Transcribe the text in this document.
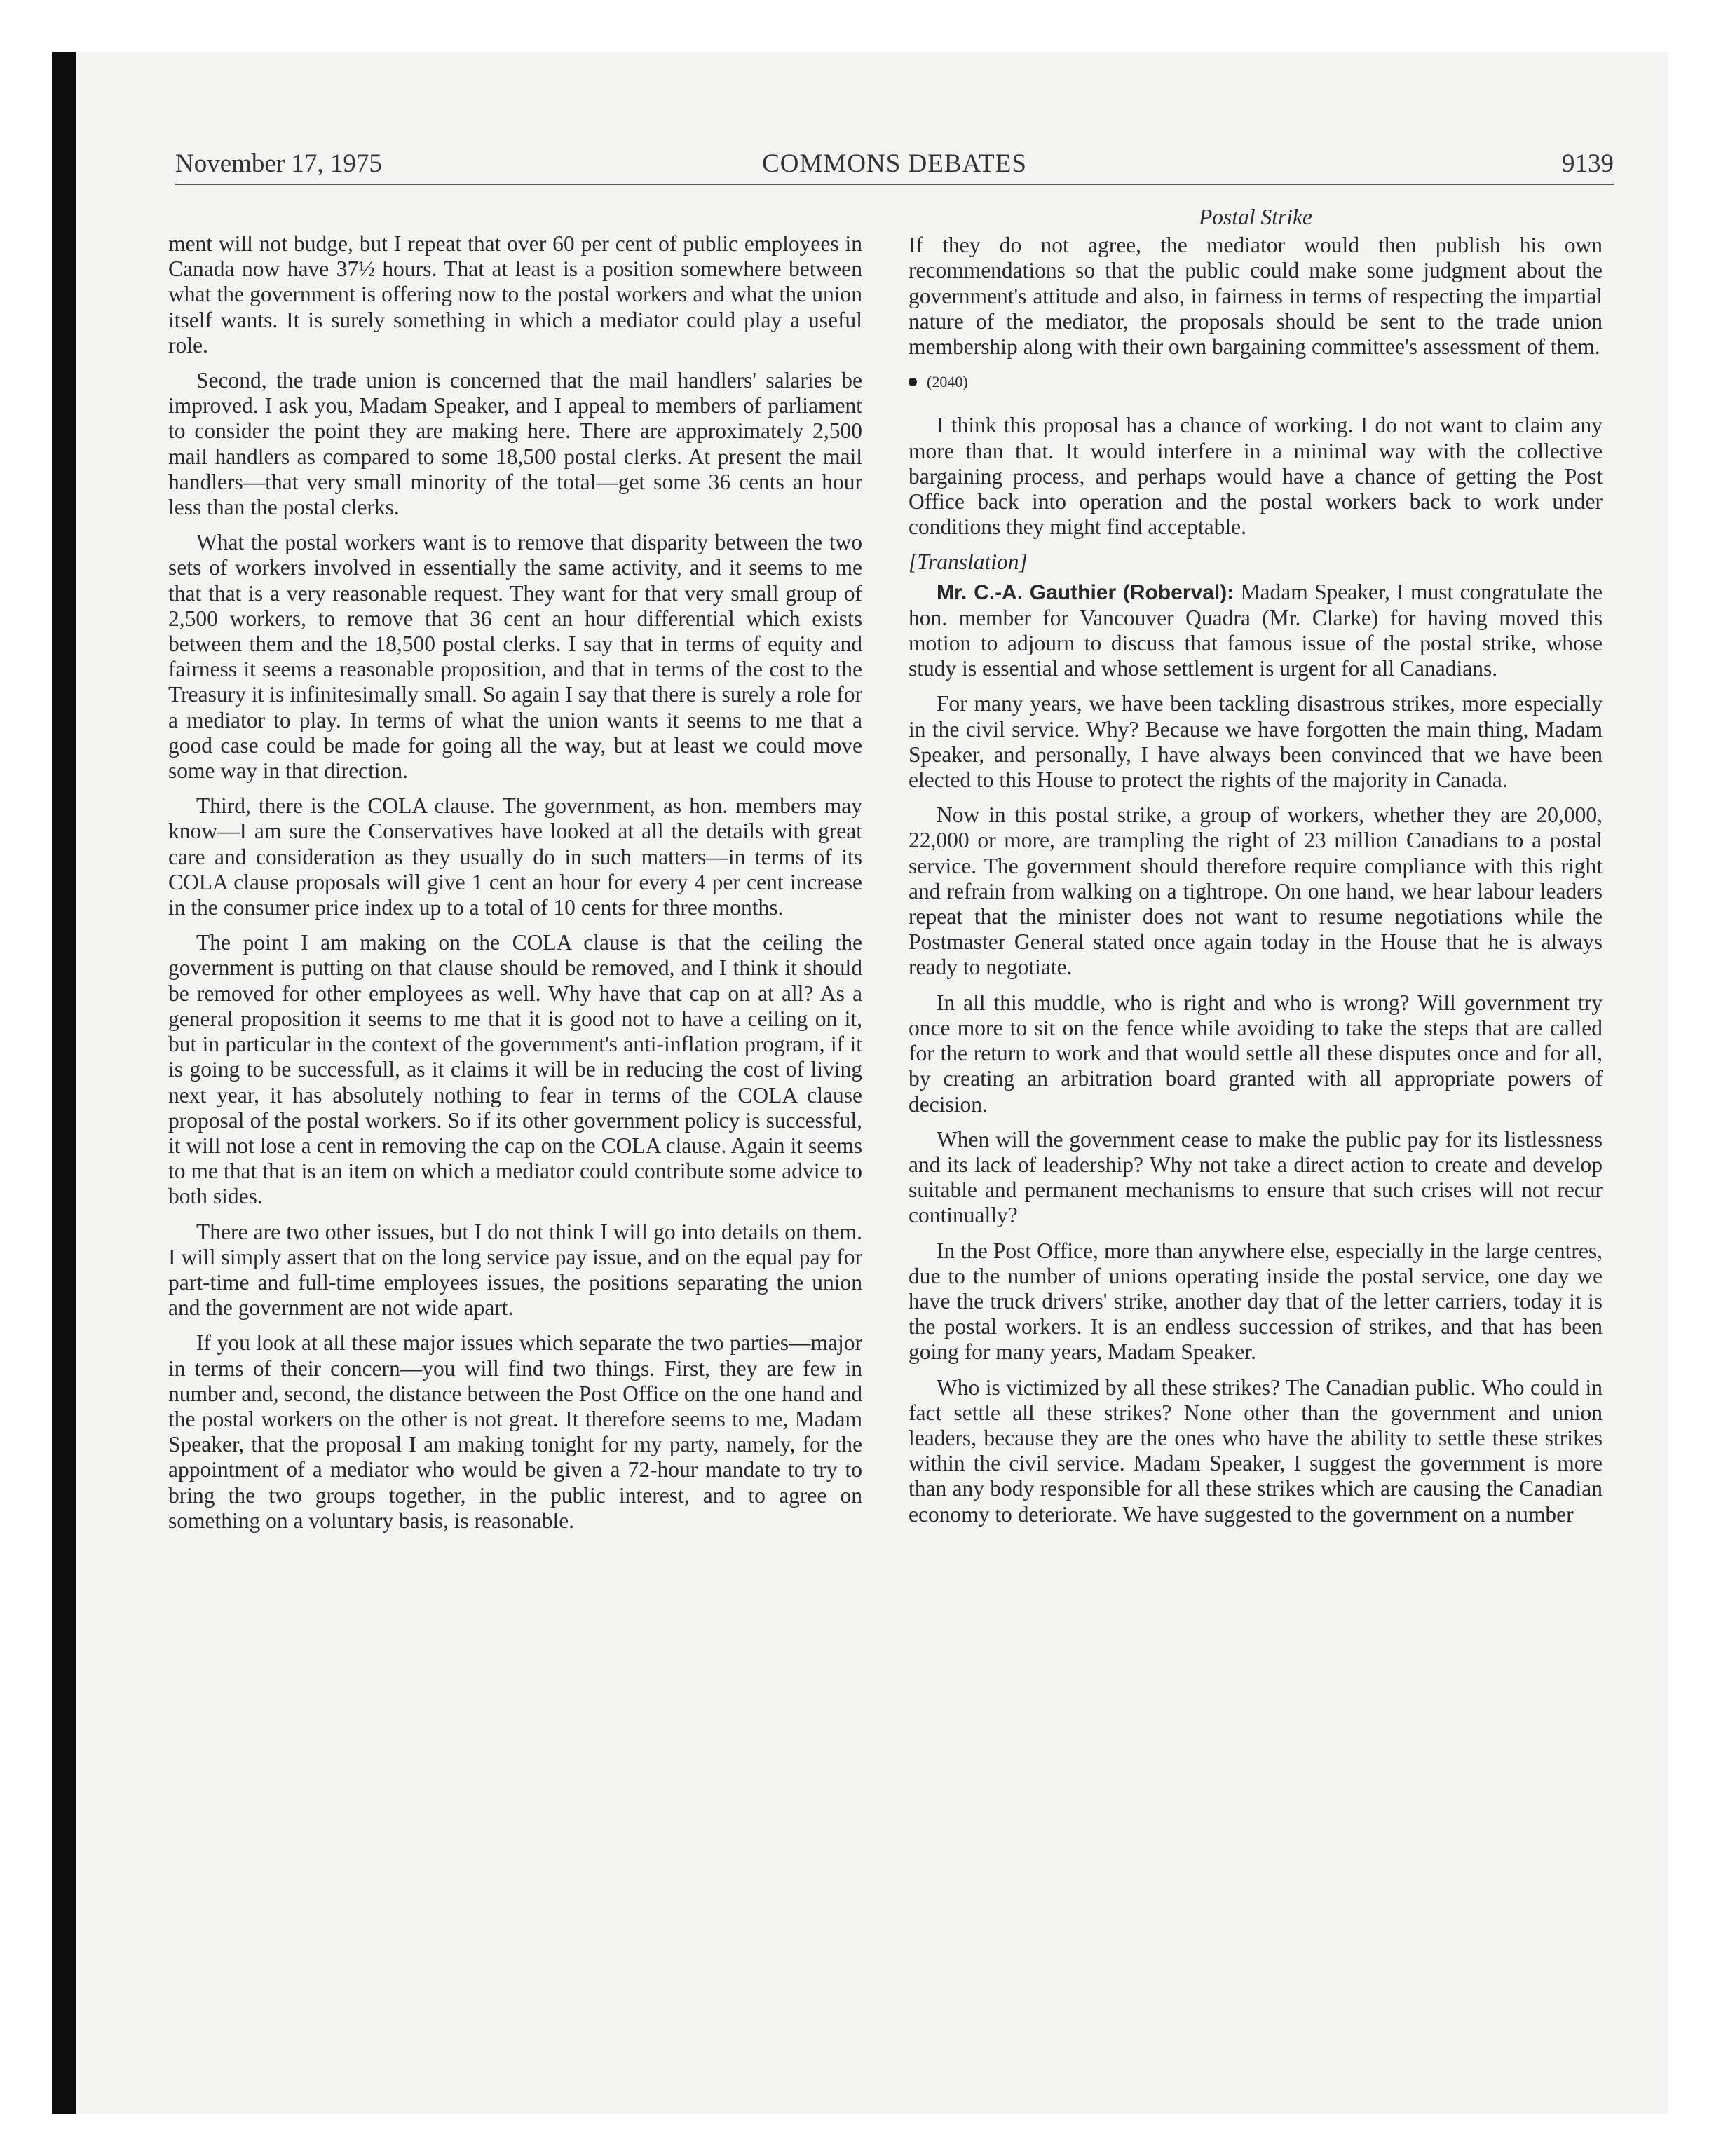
November 17, 1975	COMMONS DEBATES	9139

ment will not budge, but I repeat that over 60 per cent of public employees in Canada now have 37½ hours. That at least is a position somewhere between what the government is offering now to the postal workers and what the union itself wants. It is surely something in which a mediator could play a useful role.

Second, the trade union is concerned that the mail handlers' salaries be improved. I ask you, Madam Speaker, and I appeal to members of parliament to consider the point they are making here. There are approximately 2,500 mail handlers as compared to some 18,500 postal clerks. At present the mail handlers—that very small minority of the total—get some 36 cents an hour less than the postal clerks.

What the postal workers want is to remove that disparity between the two sets of workers involved in essentially the same activity, and it seems to me that that is a very reasonable request. They want for that very small group of 2,500 workers, to remove that 36 cent an hour differential which exists between them and the 18,500 postal clerks. I say that in terms of equity and fairness it seems a reasonable proposition, and that in terms of the cost to the Treasury it is infinitesimally small. So again I say that there is surely a role for a mediator to play. In terms of what the union wants it seems to me that a good case could be made for going all the way, but at least we could move some way in that direction.

Third, there is the COLA clause. The government, as hon. members may know—I am sure the Conservatives have looked at all the details with great care and consideration as they usually do in such matters—in terms of its COLA clause proposals will give 1 cent an hour for every 4 per cent increase in the consumer price index up to a total of 10 cents for three months.

The point I am making on the COLA clause is that the ceiling the government is putting on that clause should be removed, and I think it should be removed for other employees as well. Why have that cap on at all? As a general proposition it seems to me that it is good not to have a ceiling on it, but in particular in the context of the government's anti-inflation program, if it is going to be successfull, as it claims it will be in reducing the cost of living next year, it has absolutely nothing to fear in terms of the COLA clause proposal of the postal workers. So if its other government policy is successful, it will not lose a cent in removing the cap on the COLA clause. Again it seems to me that that is an item on which a mediator could contribute some advice to both sides.

There are two other issues, but I do not think I will go into details on them. I will simply assert that on the long service pay issue, and on the equal pay for part-time and full-time employees issues, the positions separating the union and the government are not wide apart.

If you look at all these major issues which separate the two parties—major in terms of their concern—you will find two things. First, they are few in number and, second, the distance between the Post Office on the one hand and the postal workers on the other is not great. It therefore seems to me, Madam Speaker, that the proposal I am making tonight for my party, namely, for the appointment of a mediator who would be given a 72-hour mandate to try to bring the two groups together, in the public interest, and to agree on something on a voluntary basis, is reasonable.

Postal Strike

If they do not agree, the mediator would then publish his own recommendations so that the public could make some judgment about the government's attitude and also, in fairness in terms of respecting the impartial nature of the mediator, the proposals should be sent to the trade union membership along with their own bargaining committee's assessment of them.

(2040)

I think this proposal has a chance of working. I do not want to claim any more than that. It would interfere in a minimal way with the collective bargaining process, and perhaps would have a chance of getting the Post Office back into operation and the postal workers back to work under conditions they might find acceptable.

[Translation]

Mr. C.-A. Gauthier (Roberval): Madam Speaker, I must congratulate the hon. member for Vancouver Quadra (Mr. Clarke) for having moved this motion to adjourn to discuss that famous issue of the postal strike, whose study is essential and whose settlement is urgent for all Canadians.

For many years, we have been tackling disastrous strikes, more especially in the civil service. Why? Because we have forgotten the main thing, Madam Speaker, and personally, I have always been convinced that we have been elected to this House to protect the rights of the majority in Canada.

Now in this postal strike, a group of workers, whether they are 20,000, 22,000 or more, are trampling the right of 23 million Canadians to a postal service. The government should therefore require compliance with this right and refrain from walking on a tightrope. On one hand, we hear labour leaders repeat that the minister does not want to resume negotiations while the Postmaster General stated once again today in the House that he is always ready to negotiate.

In all this muddle, who is right and who is wrong? Will government try once more to sit on the fence while avoiding to take the steps that are called for the return to work and that would settle all these disputes once and for all, by creating an arbitration board granted with all appropriate powers of decision.

When will the government cease to make the public pay for its listlessness and its lack of leadership? Why not take a direct action to create and develop suitable and permanent mechanisms to ensure that such crises will not recur continually?

In the Post Office, more than anywhere else, especially in the large centres, due to the number of unions operating inside the postal service, one day we have the truck drivers' strike, another day that of the letter carriers, today it is the postal workers. It is an endless succession of strikes, and that has been going for many years, Madam Speaker.

Who is victimized by all these strikes? The Canadian public. Who could in fact settle all these strikes? None other than the government and union leaders, because they are the ones who have the ability to settle these strikes within the civil service. Madam Speaker, I suggest the government is more than any body responsible for all these strikes which are causing the Canadian economy to deteriorate. We have suggested to the government on a number
